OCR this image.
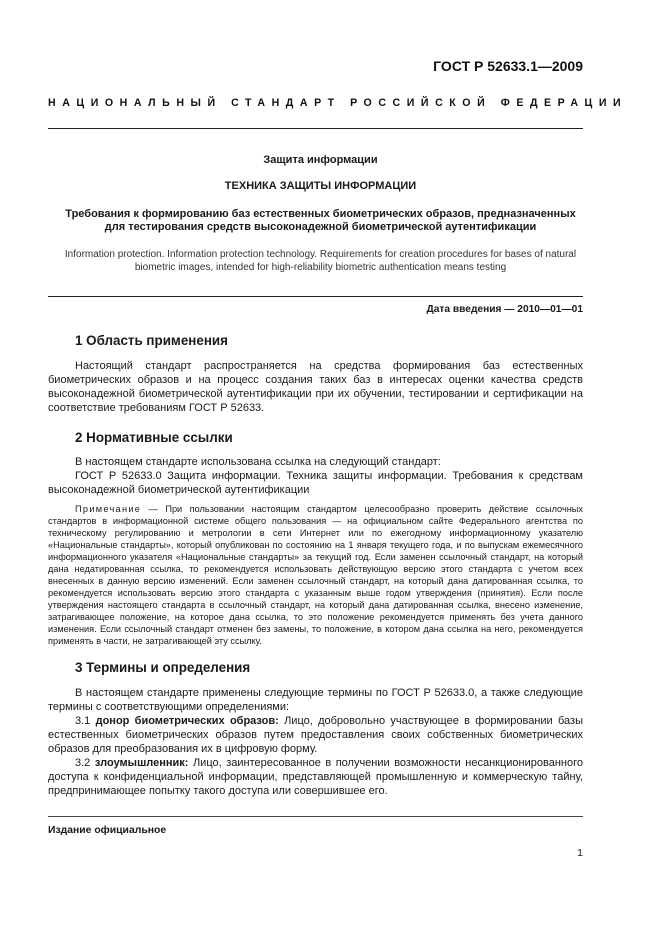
ГОСТ Р 52633.1—2009
НАЦИОНАЛЬНЫЙ СТАНДАРТ РОССИЙСКОЙ ФЕДЕРАЦИИ
Защита информации
ТЕХНИКА ЗАЩИТЫ ИНФОРМАЦИИ
Требования к формированию баз естественных биометрических образов, предназначенных для тестирования средств высоконадежной биометрической аутентификации
Information protection. Information protection technology. Requirements for creation procedures for bases of natural biometric images, intended for high-reliability biometric authentication means testing
Дата введения — 2010—01—01
1 Область применения

Настоящий стандарт распространяется на средства формирования баз естественных биометрических образов и на процесс создания таких баз в интересах оценки качества средств высоконадежной биометрической аутентификации при их обучении, тестировании и сертификации на соответствие требованиям ГОСТ Р 52633.

2 Нормативные ссылки

В настоящем стандарте использована ссылка на следующий стандарт:

ГОСТ Р 52633.0 Защита информации. Техника защиты информации. Требования к средствам высоконадежной биометрической аутентификации

Примечание — При пользовании настоящим стандартом целесообразно проверить действие ссылочных стандартов в информационной системе общего пользования — на официальном сайте Федерального агентства по техническому регулированию и метрологии в сети Интернет или по ежегодному информационному указателю «Национальные стандарты», который опубликован по состоянию на 1 января текущего года, и по выпускам ежемесячного информационного указателя «Национальные стандарты» за текущий год. Если заменен ссылочный стандарт, на который дана недатированная ссылка, то рекомендуется использовать действующую версию этого стандарта с учетом всех внесенных в данную версию изменений. Если заменен ссылочный стандарт, на который дана датированная ссылка, то рекомендуется использовать версию этого стандарта с указанным выше годом утверждения (принятия). Если после утверждения настоящего стандарта в ссылочный стандарт, на который дана датированная ссылка, внесено изменение, затрагивающее положение, на которое дана ссылка, то это положение рекомендуется применять без учета данного изменения. Если ссылочный стандарт отменен без замены, то положение, в котором дана ссылка на него, рекомендуется применять в части, не затрагивающей эту ссылку.

3 Термины и определения

В настоящем стандарте применены следующие термины по ГОСТ Р 52633.0, а также следующие термины с соответствующими определениями:

3.1 донор биометрических образов: Лицо, добровольно участвующее в формировании базы естественных биометрических образов путем предоставления своих собственных биометрических образов для преобразования их в цифровую форму.

3.2 злоумышленник: Лицо, заинтересованное в получении возможности несанкционированного доступа к конфиденциальной информации, представляющей промышленную и коммерческую тайну, предпринимающее попытку такого доступа или совершившее его.

Издание официальное
1
